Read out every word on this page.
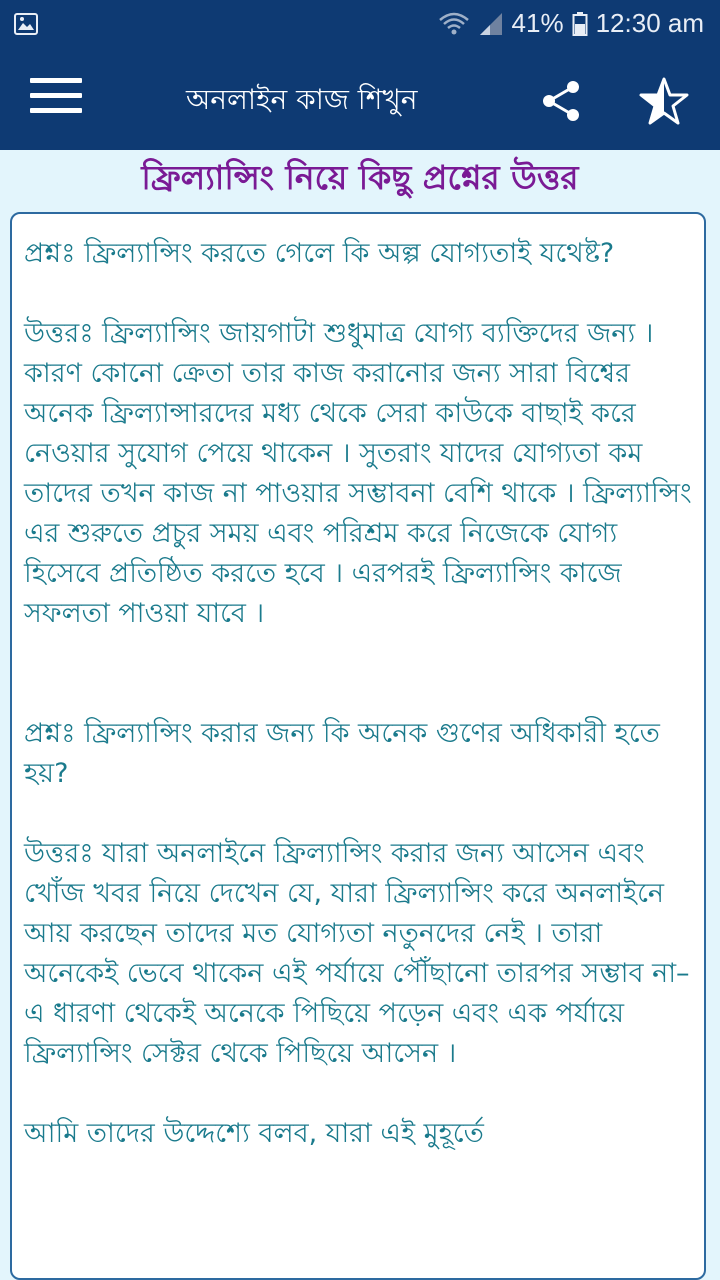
41% 12:30 am
অনলাইন কাজ শিখুন
ফ্রিল্যান্সিং নিয়ে কিছু প্রশ্নের উত্তর

প্রশ্নঃ ফ্রিল্যান্সিং করতে গেলে কি অল্প যোগ্যতাই যথেষ্ট?

উত্তরঃ ফ্রিল্যান্সিং জায়গাটা শুধুমাত্র যোগ্য ব্যক্তিদের জন্য । কারণ কোনো ক্রেতা তার কাজ করানোর জন্য সারা বিশ্বের অনেক ফ্রিল্যান্সারদের মধ্য থেকে সেরা কাউকে বাছাই করে নেওয়ার সুযোগ পেয়ে থাকেন । সুতরাং যাদের যোগ্যতা কম তাদের তখন কাজ না পাওয়ার সম্ভাবনা বেশি থাকে । ফ্রিল্যান্সিং এর শুরুতে প্রচুর সময় এবং পরিশ্রম করে নিজেকে যোগ্য হিসেবে প্রতিষ্ঠিত করতে হবে । এরপরই ফ্রিল্যান্সিং কাজে সফলতা পাওয়া যাবে ।

প্রশ্নঃ ফ্রিল্যান্সিং করার জন্য কি অনেক গুণের অধিকারী হতে হয়?

উত্তরঃ যারা অনলাইনে ফ্রিল্যান্সিং করার জন্য আসেন এবং খোঁজ খবর নিয়ে দেখেন যে, যারা ফ্রিল্যান্সিং করে অনলাইনে আয় করছেন তাদের মত যোগ্যতা নতুনদের নেই । তারা অনেকেই ভেবে থাকেন এই পর্যায়ে পৌঁছানো তারপর সম্ভাব না– এ ধারণা থেকেই অনেকে পিছিয়ে পড়েন এবং এক পর্যায়ে ফ্রিল্যান্সিং সেক্টর থেকে পিছিয়ে আসেন ।

আমি তাদের উদ্দেশ্যে বলব, যারা এই মুহূর্তে
